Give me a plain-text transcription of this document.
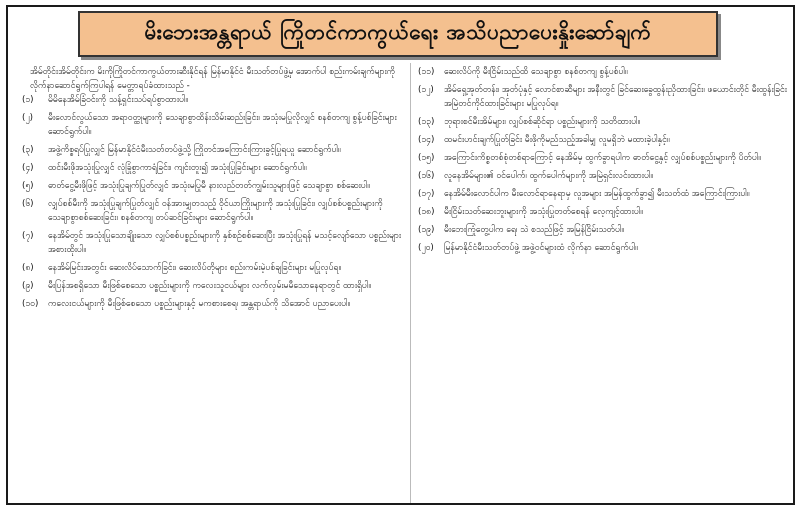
မိးဘေးအန္တရာယ် ကြိုတင်ကာကွယ်ရေး အသိပညာပေးနှိုးဆော်ချက်
အိမ်တိုင်းအိမ်တိုင်းက မိးကိုကြိုတင်ကာကွယ်တားဆီးနိုင်ရန် မြန်မာနိုင်ငံ မီးသတ်တပ်ဖွဲ့မှ အောက်ပါ စည်းကမ်းချက်များကို လိုက်နာဆောင်ရွက်ကြပါရန် မေတ္တာရပ်ခံထားသည် -
(၁)	မိမိနေအိမ်ခြံဝင်းကို သန့်ရှင်းသပ်ရပ်စွာထားပါ။
(၂)	မီးလောင်လွယ်သော အရာဝတ္ထုများကို သေချာစွာထိန်းသိမ်းဆည်းခြင်း၊ အသုံးမပြုလိုလျှင် စနစ်တကျ စွန့်ပစ်ခြင်းများ ဆောင်ရွက်ပါ။
(၃)	အဖွဲ့ကိစ္စရပ်ပြုလျှင် မြန်မာနိုင်ငံမီးသတ်တပ်ဖွဲ့သို့ ကြိုတင်အကြောင်းကြားခွင့်ပြုရယူ ဆောင်ရွက်ပါ။
(၄)	ထင်းမီးဖိုအသုံးပြုလျှင် လုံခြုံစွာကာရံခြင်း၊ ကျင်းတူး၍ အသုံးပြုခြင်းများ ဆောင်ရွက်ပါ။
(၅)	ဓာတ်ငွေ့မီးဖိုဖြင့် အသုံးပြုချက်ပြုတ်လျှင် အသုံးမပြုမီ နားလည်တတ်ကျွမ်းသူများဖြင့် သေချာစွာ စစ်ဆေးပါ။
(၆)	လျှပ်စစ်မီးကို အသုံးပြုချက်ပြုတ်လျှင် ဝန်အားမျှတသည့် ဝိုင်ယာကြိုးများကို အသုံးပြုခြင်း၊ လျှပ်စစ်ပစ္စည်းများကို သေချာစွာစစ်ဆေးခြင်း၊ စနစ်တကျ တပ်ဆင်ခြင်းများ ဆောင်ရွက်ပါ။
(၇)	နေအိမ်တွင် အသုံးပြုသောချိုးသော လျှပ်စစ်ပစ္စည်းများကို နှစ်စဉ်စစ်ဆေးပြီး အသုံးပြုရန် မသင့်လျော်သော ပစ္စည်းများ အစားထိုးပါ။
(၈)	နေအိမ်မြင်းအတွင်း ဆေးလိပ်သောက်ခြင်း၊ ဆေးလိပ်တိုများ စည်းကမ်းမဲ့ပစ်ချခြင်းများ မပြုလုပ်ရ။
(၉)	မီးပြန်အစရှိသော မီးဖြစ်စေသော ပစ္စည်းများကို ကလေးသူငယ်များ လက်လှမ်းမမီသောနေရာတွင် ထားရှိပါ။
(၁၀)	ကလေးငယ်များကို မီးဖြစ်စေသော ပစ္စည်းများနှင့် မကစားစေရ၊ အန္တရာယ်ကို သိအောင် ပညာပေးပါ။
(၁၁)	ဆေးလိပ်ကို မီးငြိမ်းသည်ထိ သေချာစွာ စနစ်တကျ စွန့်ပစ်ပါ။
(၁၂)	အိမ်ရှေ့အုတ်တန်း၊ အုတ်ပုံနှင့် လောင်စာဆီများ အနီးတွင် ခြင်ဆေးခွေထွန်းညှိထားခြင်း၊ ဖယောင်းတိုင် မီးထွန်းခြင်း အမြဲတင်ကိုင်ထားခြင်းများ မပြုလုပ်ရ။
(၁၃)	ဘုရားစင်မီးအိမ်များ၊ လျှပ်စစ်ဆိုင်ရာ ပစ္စည်းများကို သတိထားပါ။
(၁၄)	ထမင်းဟင်းချက်ပြုတ်ခြင်း မီးဖိုကိုမည်သည့်အခါမျှ လူမရှိဘဲ မထားခဲ့ပါနှင့်။
(၁၅)	အကြောင်းကိစ္စတစ်စုံတစ်ရာကြောင့် နေအိမ်မှ ထွက်ခွာရပါက ဓာတ်ငွေ့နှင့် လျှပ်စစ်ပစ္စည်းများကို ပိတ်ပါ။
(၁၆)	လူနေအိမ်များ၏ ဝင်ပေါက်၊ ထွက်ပေါက်များကို အမြဲရှင်းလင်းထားပါ။
(၁၇)	နေအိမ်မီးလောင်ပါက မီးလောင်ရာနေရာမှ လူအများ အမြန်ထွက်ခွာ၍ မီးသတ်ထံ အကြောင်းကြားပါ။
(၁၈)	မီးငြိမ်းသတ်ဆေးဘူးများကို အသုံးပြုတတ်စေရန် လေ့ကျင့်ထားပါ။
(၁၉)	မီးဘေးကြုံတွေ့ပါက ရေ၊ သဲ စသည်ဖြင့် အမြန်ငြိမ်းသတ်ပါ။
(၂၀)	မြန်မာနိုင်ငံမီးသတ်တပ်ဖွဲ့ အဖွဲ့ဝင်များထံ လိုက်နာ ဆောင်ရွက်ပါ။
